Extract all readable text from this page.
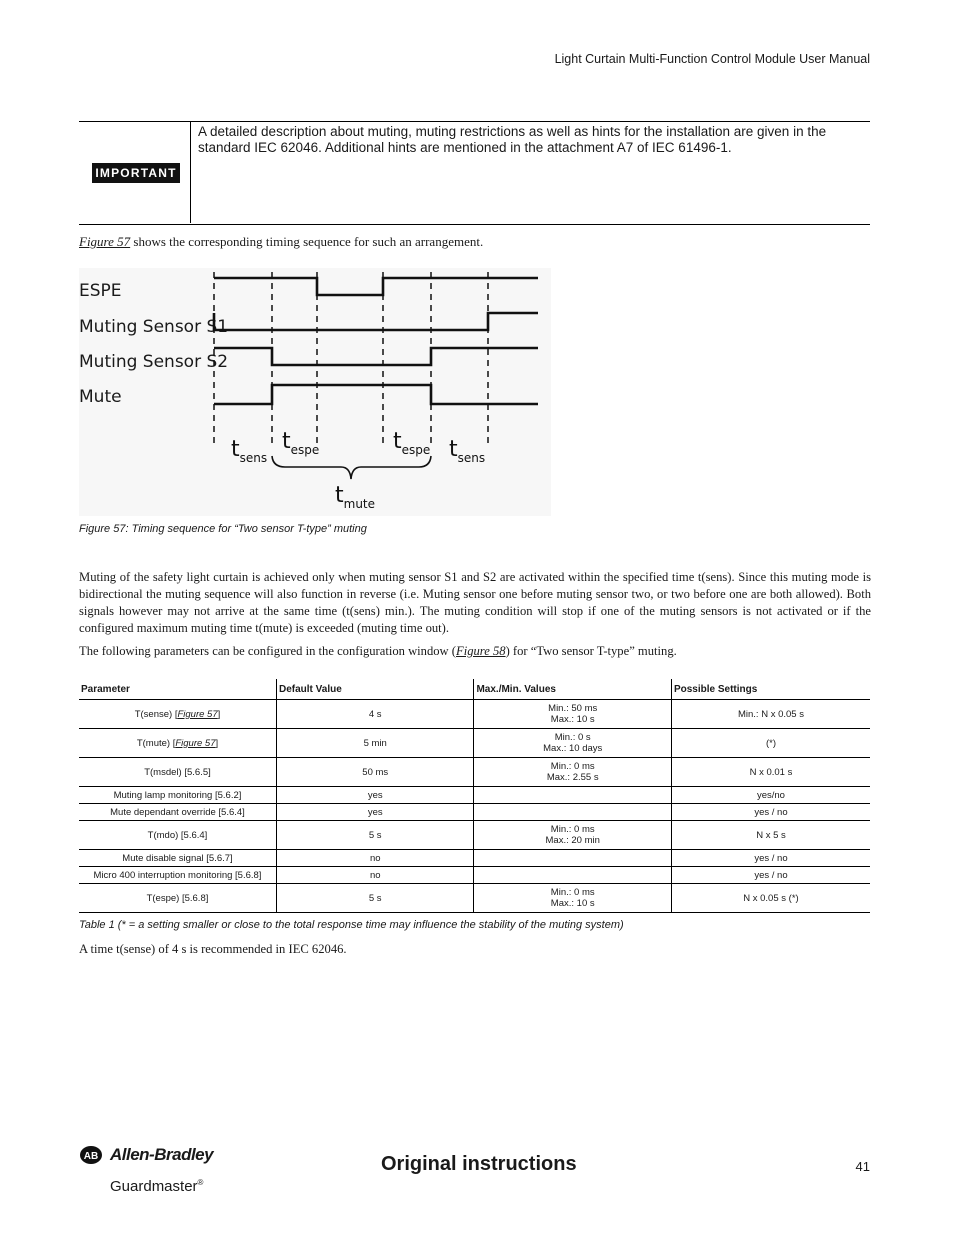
Light Curtain Multi-Function Control Module User Manual
IMPORTANT
A detailed description about muting, muting restrictions as well as hints for the installation are given in the standard IEC 62046. Additional hints are mentioned in the attachment A7 of IEC 61496-1.
Figure 57 shows the corresponding timing sequence for such an arrangement.
ESPE
Muting Sensor S1
Muting Sensor S2
Mute
$t_{sens}$
$t_{espe}$	$t_{espe}$ $t_{sens}$
$t_{mute}$
Figure 57: Timing sequence for “Two sensor T-type” muting
Muting of the safety light curtain is achieved only when muting sensor S1 and S2 are activated within the specified time t(sens). Since this muting mode is bidirectional the muting sequence will also function in reverse (i.e. Muting sensor one before muting sensor two, or two before one are both allowed). Both signals however may not arrive at the same time (t(sens) min.). The muting condition will stop if one of the muting sensors is not activated or if the configured maximum muting time t(mute) is exceeded (muting time out).
The following parameters can be configured in the configuration window (Figure 58) for “Two sensor T-type” muting.
Parameter	Default Value	Max./Min. Values	Possible Settings
T(sense) [Figure 57]	4 s	Min.: 50 ms
Max.: 10 s	Min.: N x 0.05 s
T(mute) [Figure 57]	5 min	Min.: 0 s
Max.: 10 days	(*)
T(msdel) [5.6.5]	50 ms	Min.: 0 ms
Max.: 2.55 s	N x 0.01 s
Muting lamp monitoring [5.6.2]	yes		yes/no
Mute dependant override [5.6.4]	yes		yes / no
T(mdo) [5.6.4]	5 s	Min.: 0 ms
Max.: 20 min	N x 5 s
Mute disable signal [5.6.7]	no		yes / no
Micro 400 interruption monitoring [5.6.8]	no		yes / no
T(espe) [5.6.8]	5 s	Min.: 0 ms
Max.: 10 s	N x 0.05 s (*)
Table 1 (* = a setting smaller or close to the total response time may influence the stability of the muting system)
A time t(sense) of 4 s is recommended in IEC 62046.
AB Allen-Bradley
Guardmaster®
Original instructions	41
